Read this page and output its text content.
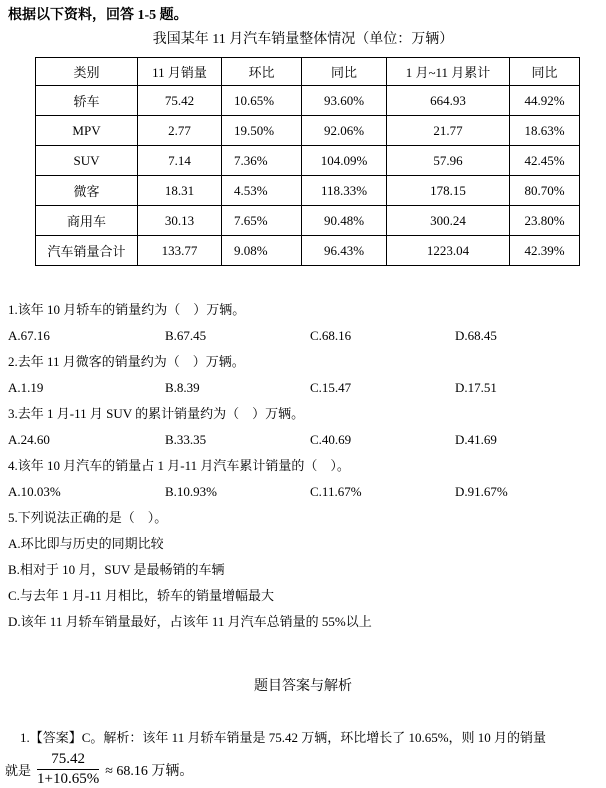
根据以下资料，回答 1-5 题。
我国某年 11 月汽车销量整体情况（单位：万辆）
类别	11 月销量	环比	同比	1 月~11 月累计	同比
轿车	75.42	10.65%	93.60%	664.93	44.92%
MPV	2.77	19.50%	92.06%	21.77	18.63%
SUV	7.14	7.36%	104.09%	57.96	42.45%
微客	18.31	4.53%	118.33%	178.15	80.70%
商用车	30.13	7.65%	90.48%	300.24	23.80%
汽车销量合计	133.77	9.08%	96.43%	1223.04	42.39%
1.该年 10 月轿车的销量约为（　）万辆。
A.67.16	B.67.45	C.68.16	D.68.45
2.去年 11 月微客的销量约为（　）万辆。
A.1.19	B.8.39	C.15.47	D.17.51
3.去年 1 月-11 月 SUV 的累计销量约为（　）万辆。
A.24.60	B.33.35	C.40.69	D.41.69
4.该年 10 月汽车的销量占 1 月-11 月汽车累计销量的（　）。
A.10.03%	B.10.93%	C.11.67%	D.91.67%
5.下列说法正确的是（　）。
A.环比即与历史的同期比较
B.相对于 10 月，SUV 是最畅销的车辆
C.与去年 1 月-11 月相比，轿车的销量增幅最大
D.该年 11 月轿车销量最好，占该年 11 月汽车总销量的 55%以上
题目答案与解析
1.【答案】C。解析：该年 11 月轿车销量是 75.42 万辆，环比增长了 10.65%，则 10 月的销量
就是 $\frac{75.42}{1+10.65\%} \approx 68.16$ 万辆。
